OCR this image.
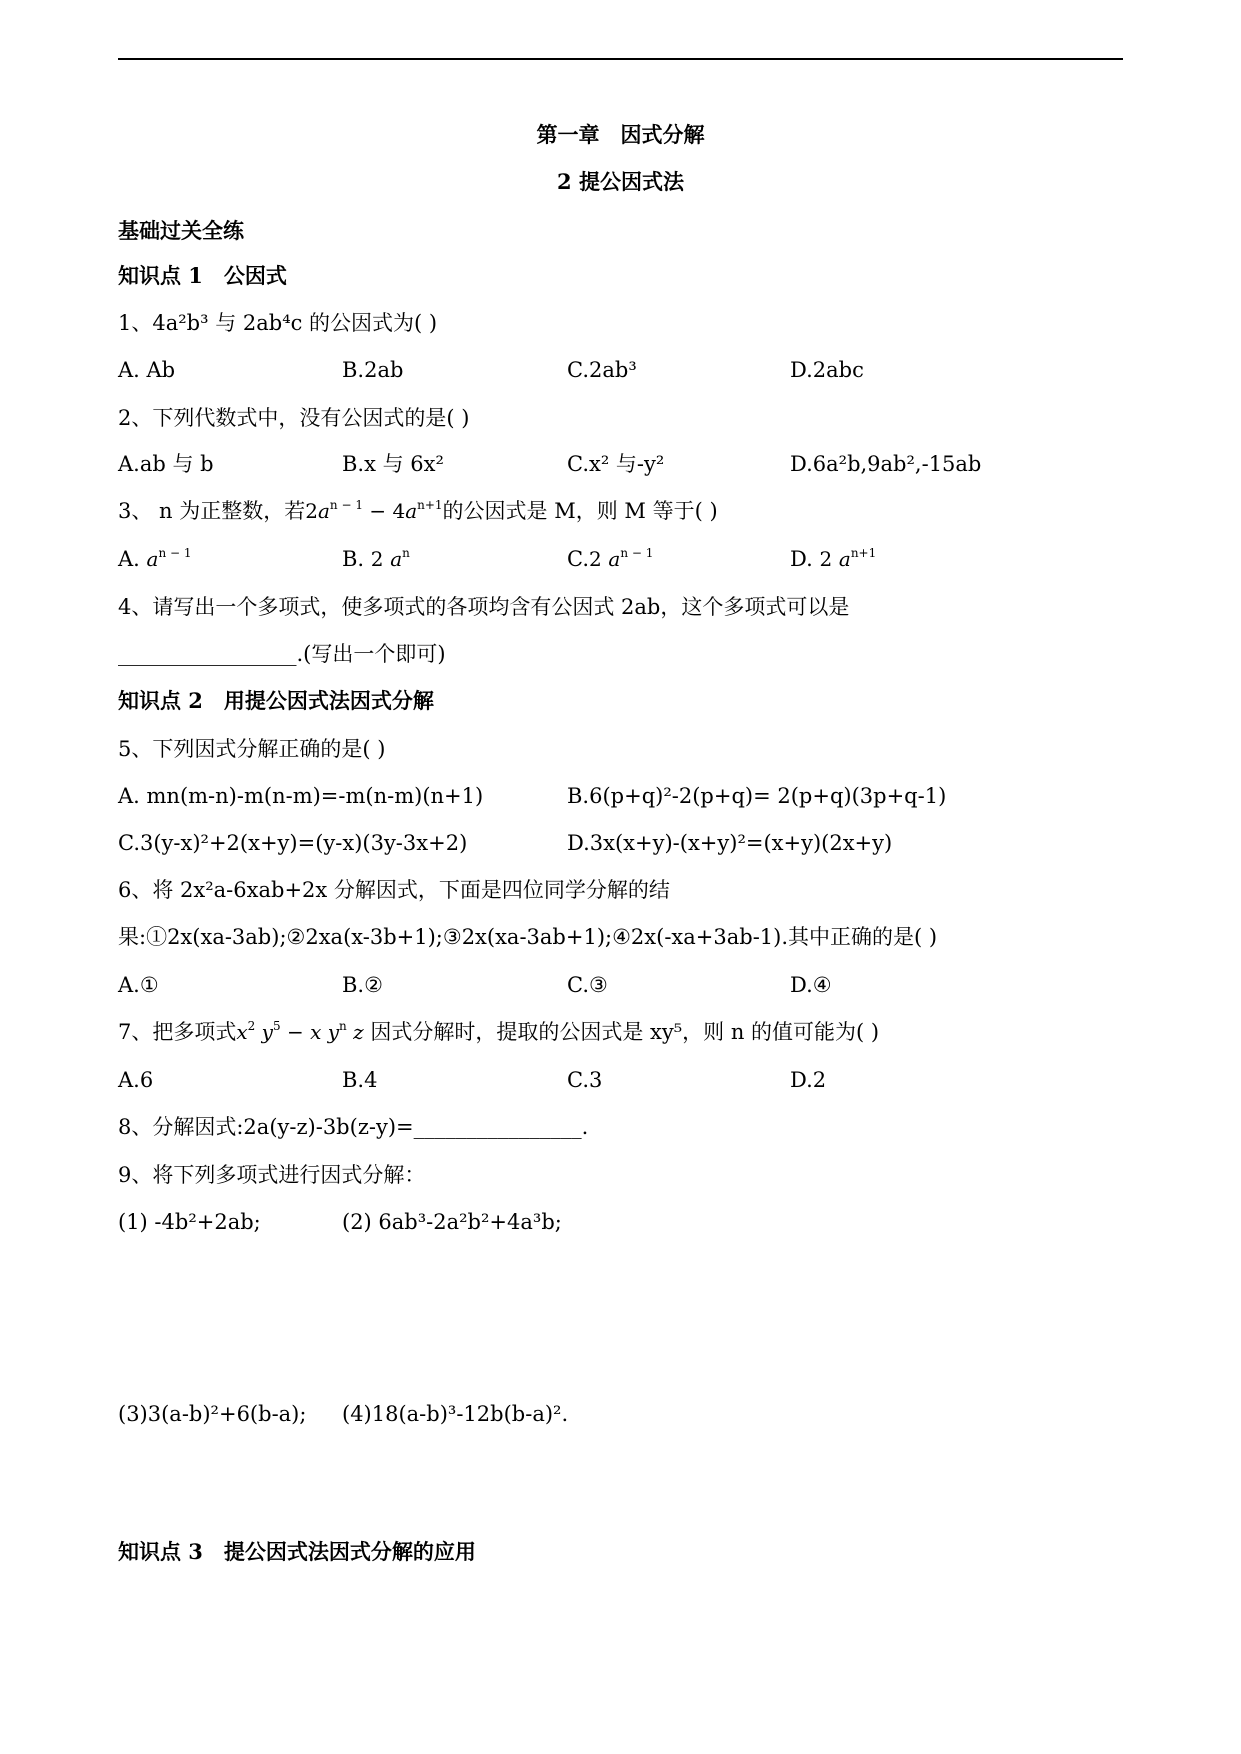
第一章　因式分解
2 提公因式法
基础过关全练
知识点 1　公因式
1、4a²b³ 与 2ab⁴c 的公因式为( )
A. Ab	B.2ab	C.2ab³	D.2abc
2、下列代数式中，没有公因式的是( )
A.ab 与 b	B.x 与 6x²	C.x² 与-y²	D.6a²b,9ab²,-15ab
3、 n 为正整数，若$2a^{n - 1} - 4a^{n+1}$的公因式是 M，则 M 等于( )
A. $a^{n - 1}$	B. 2 $a^n$	C.2 $a^{n - 1}$	D. 2 $a^{n+1}$
4、请写出一个多项式，使多项式的各项均含有公因式 2ab，这个多项式可以是
_________________.(写出一个即可)
知识点 2　用提公因式法因式分解
5、下列因式分解正确的是( )
A. mn(m-n)-m(n-m)=-m(n-m)(n+1)	B.6(p+q)²-2(p+q)= 2(p+q)(3p+q-1)
C.3(y-x)²+2(x+y)=(y-x)(3y-3x+2)	D.3x(x+y)-(x+y)²=(x+y)(2x+y)
6、将 2x²a-6xab+2x 分解因式，下面是四位同学分解的结
果:①2x(xa-3ab);②2xa(x-3b+1);③2x(xa-3ab+1);④2x(-xa+3ab-1).其中正确的是( )
A.①	B.②	C.③	D.④
7、把多项式$x^2$ $y^5 - x$ $y^n$ z 因式分解时，提取的公因式是 xy⁵，则 n 的值可能为( )
A.6	B.4	C.3	D.2
8、分解因式:2a(y-z)-3b(z-y)=________________.
9、将下列多项式进行因式分解：
(1) -4b²+2ab;	(2) 6ab³-2a²b²+4a³b;
(3)3(a-b)²+6(b-a); (4)18(a-b)³-12b(b-a)².
知识点 3　提公因式法因式分解的应用
